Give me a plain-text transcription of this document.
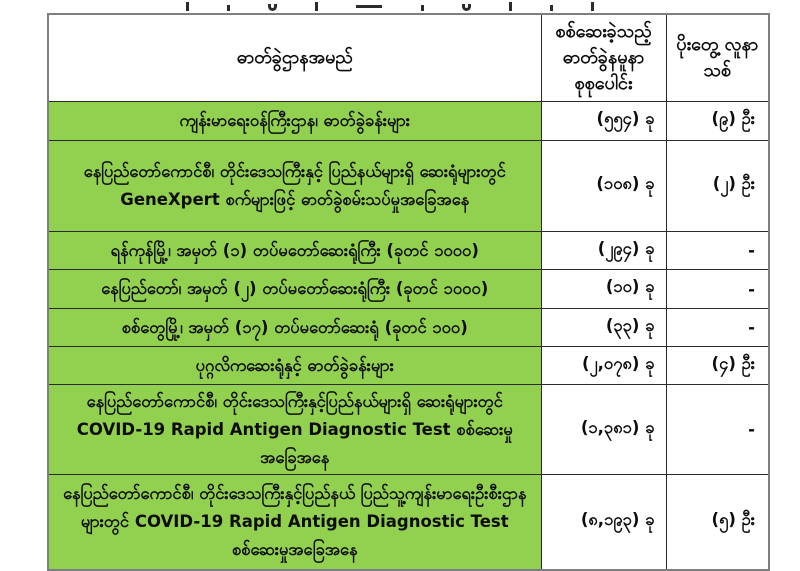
ဓာတ်ခွဲဌာနအမည်	စစ်ဆေးခဲ့သည့် ဓာတ်ခွဲနမူနာ စုစုပေါင်း	ပိုးတွေ့ လူနာသစ်
ကျန်းမာရေးဝန်ကြီးဌာန၊ ဓာတ်ခွဲခန်းများ	(၅၅၄) ခု	(၉) ဦး
နေပြည်တော်ကောင်စီ၊ တိုင်းဒေသကြီးနှင့် ပြည်နယ်များရှိ ဆေးရုံများတွင် GeneXpert စက်များဖြင့် ဓာတ်ခွဲစမ်းသပ်မှုအခြေအနေ	(၁၀၈) ခု	(၂) ဦး
ရန်ကုန်မြို့၊ အမှတ် (၁) တပ်မတော်ဆေးရုံကြီး (ခုတင် ၁၀၀၀)	(၂၉၄) ခု	-
နေပြည်တော်၊ အမှတ် (၂) တပ်မတော်ဆေးရုံကြီး (ခုတင် ၁၀၀၀)	(၁၀) ခု	-
စစ်တွေမြို့၊ အမှတ် (၁၇) တပ်မတော်ဆေးရုံ (ခုတင် ၁၀၀)	(၃၃) ခု	-
ပုဂ္ဂလိကဆေးရုံနှင့် ဓာတ်ခွဲခန်းများ	(၂,၀၇၈) ခု	(၄) ဦး
နေပြည်တော်ကောင်စီ၊ တိုင်းဒေသကြီးနှင့်ပြည်နယ်များရှိ ဆေးရုံများတွင် COVID-19 Rapid Antigen Diagnostic Test စစ်ဆေးမှုအခြေအနေ	(၁,၃၈၁) ခု	-
နေပြည်တော်ကောင်စီ၊ တိုင်းဒေသကြီးနှင့်ပြည်နယ် ပြည်သူ့ကျန်းမာရေးဦးစီးဌာနများတွင် COVID-19 Rapid Antigen Diagnostic Test စစ်ဆေးမှုအခြေအနေ	(၈,၁၉၃) ခု	(၅) ဦး
